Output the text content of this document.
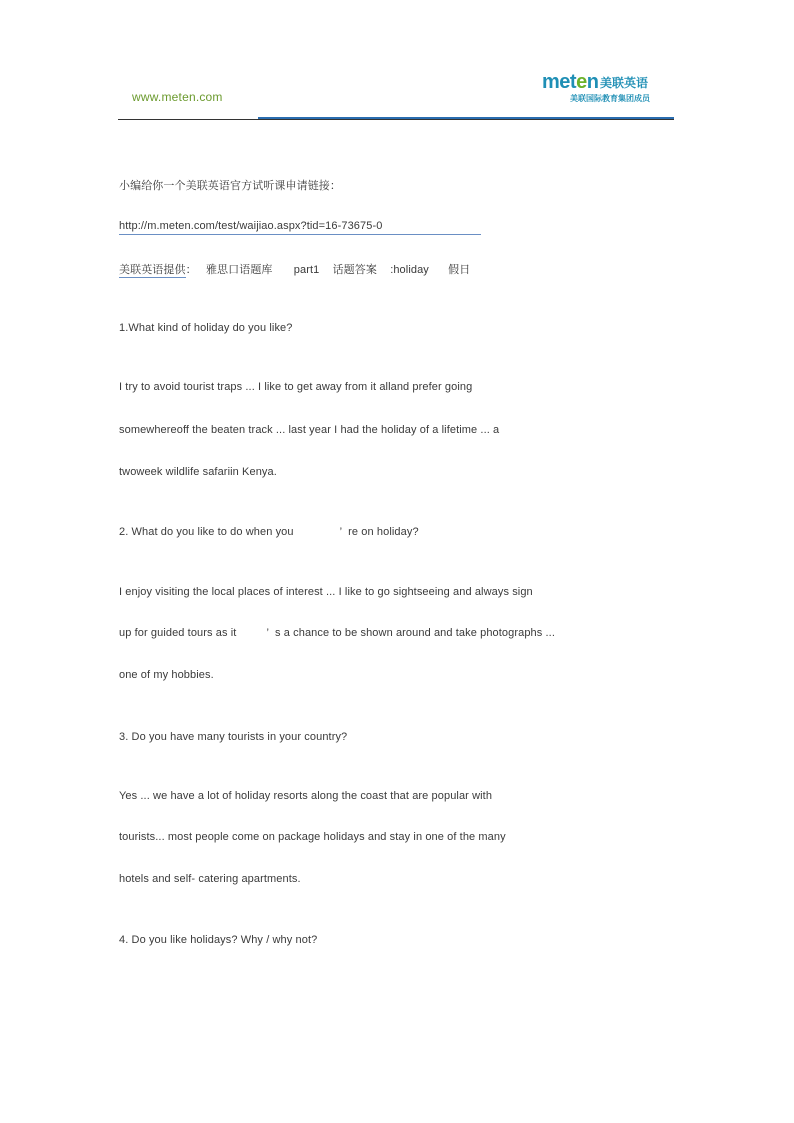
www.meten.com
meten 美联英语
美联国际教育集团成员
小编给你一个美联英语官方试听课申请链接：
http://m.meten.com/test/waijiao.aspx?tid=16-73675-0
美联英语提供： 雅思口语题库 part1 话题答案 :holiday 假日
1.What kind of holiday do you like?
I try to avoid tourist traps ... I like to get away from it alland prefer going
somewhereoff the beaten track ... last year I had the holiday of a lifetime ... a
twoweek wildlife safariin Kenya.
2. What do you like to do when you	’ re on holiday?
I enjoy visiting the local places of interest ... I like to go sightseeing and always sign
up for guided tours as it	’ s a chance to be shown around and take photographs ...
one of my hobbies.
3. Do you have many tourists in your country?
Yes ... we have a lot of holiday resorts along the coast that are popular with
tourists... most people come on package holidays and stay in one of the many
hotels and self- catering apartments.
4. Do you like holidays? Why / why not?
